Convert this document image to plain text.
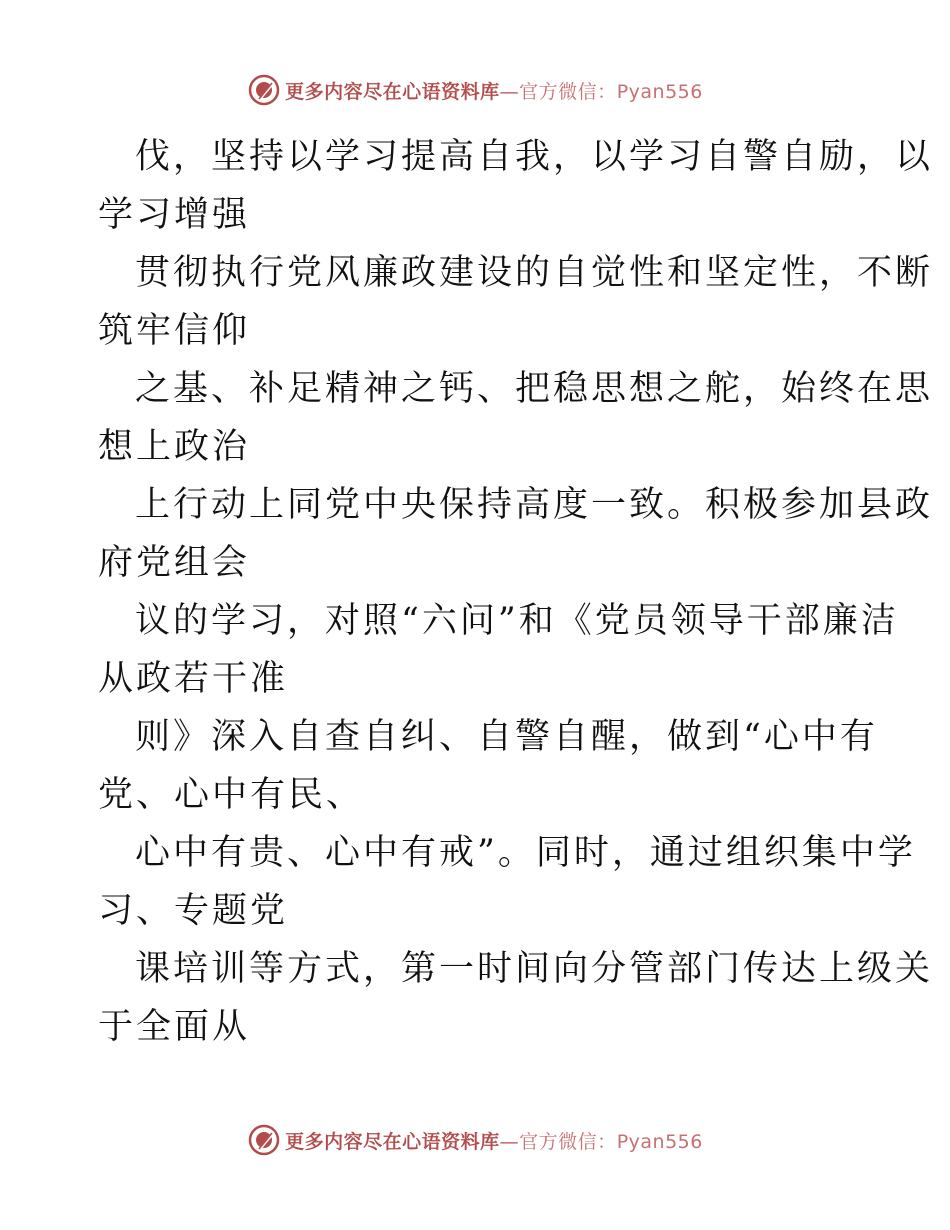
更多内容尽在心语资料库—官方微信：Pyan556
伐，坚持以学习提高自我，以学习自警自励，以
学习增强
贯彻执行党风廉政建设的自觉性和坚定性，不断
筑牢信仰
之基、补足精神之钙、把稳思想之舵，始终在思
想上政治
上行动上同党中央保持高度一致。积极参加县政
府党组会
议的学习，对照“六问”和《党员领导干部廉洁
从政若干准
则》深入自查自纠、自警自醒，做到“心中有
党、心中有民、
心中有贵、心中有戒”。同时，通过组织集中学
习、专题党
课培训等方式，第一时间向分管部门传达上级关
于全面从
更多内容尽在心语资料库—官方微信：Pyan556
